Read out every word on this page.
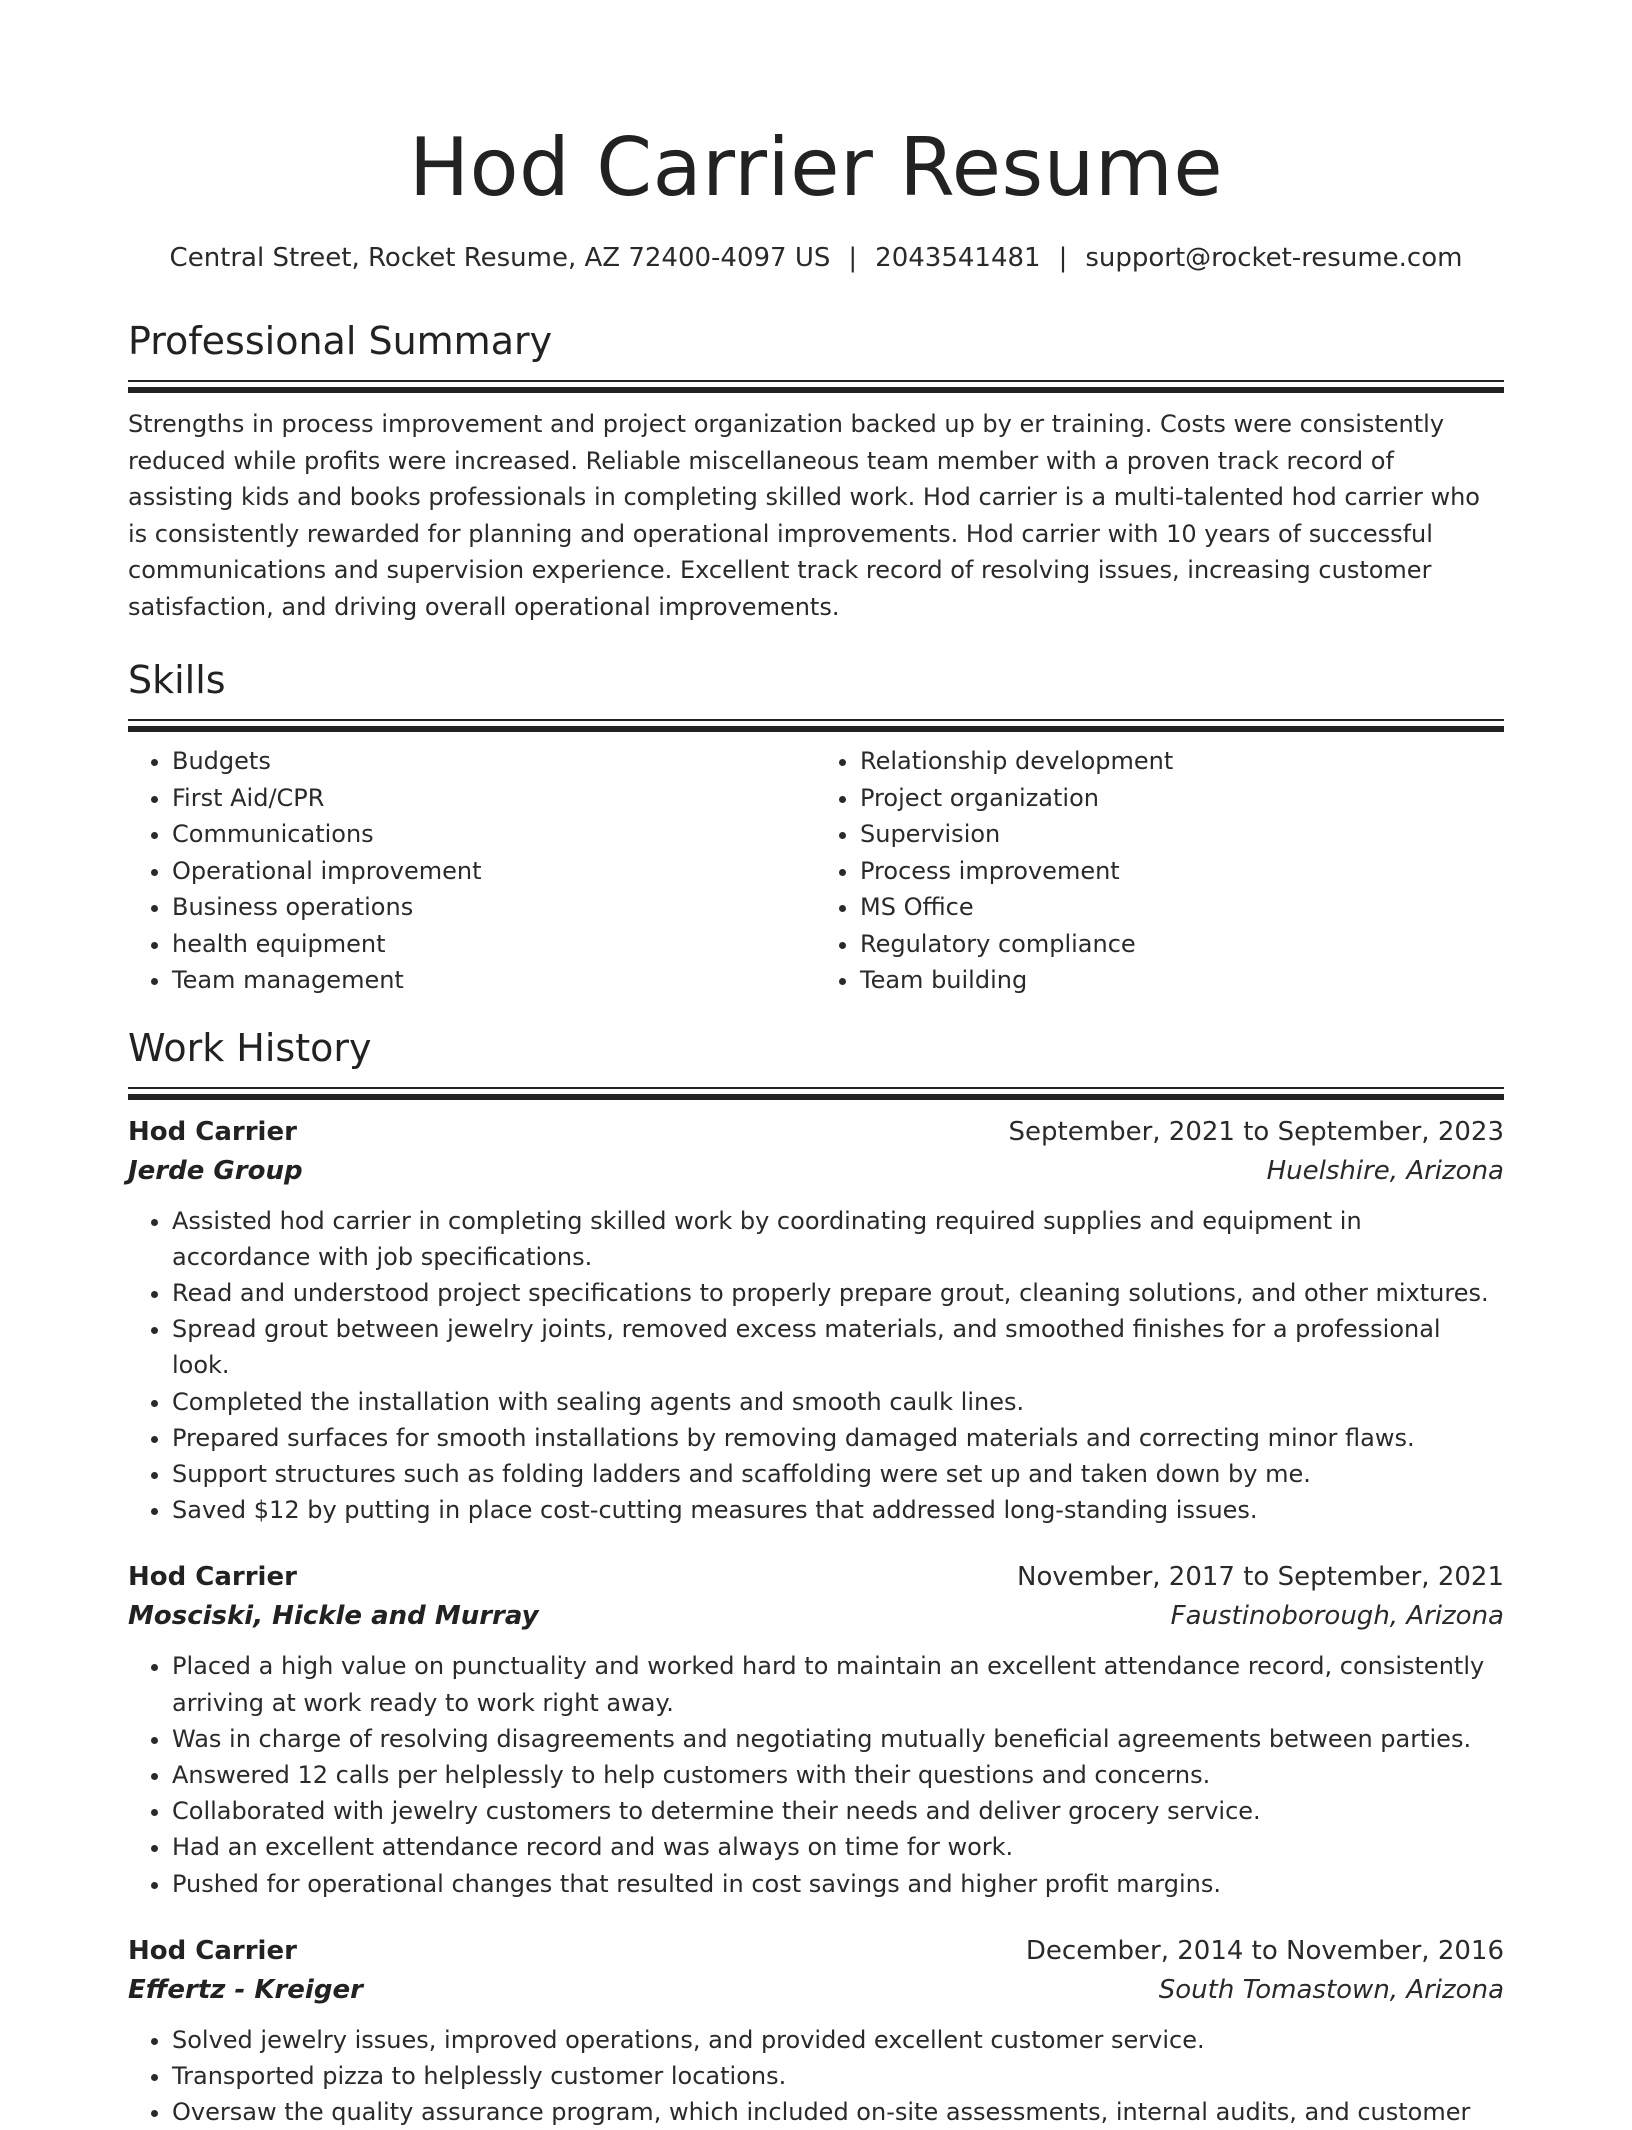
Hod Carrier Resume
Central Street, Rocket Resume, AZ 72400-4097 US | 2043541481 | support@rocket-resume.com
Professional Summary

Strengths in process improvement and project organization backed up by er training. Costs were consistently reduced while profits were increased. Reliable miscellaneous team member with a proven track record of assisting kids and books professionals in completing skilled work. Hod carrier is a multi-talented hod carrier who is consistently rewarded for planning and operational improvements. Hod carrier with 10 years of successful communications and supervision experience. Excellent track record of resolving issues, increasing customer satisfaction, and driving overall operational improvements.

Skills
• Budgets
• First Aid/CPR
• Communications
• Operational improvement
• Business operations
• health equipment
• Team management
• Relationship development
• Project organization
• Supervision
• Process improvement
• MS Office
• Regulatory compliance
• Team building
Work History
Hod Carrier	September, 2021 to September, 2023
Jerde Group	Huelshire, Arizona
• Assisted hod carrier in completing skilled work by coordinating required supplies and equipment in accordance with job specifications.
• Read and understood project specifications to properly prepare grout, cleaning solutions, and other mixtures.
• Spread grout between jewelry joints, removed excess materials, and smoothed finishes for a professional look.
• Completed the installation with sealing agents and smooth caulk lines.
• Prepared surfaces for smooth installations by removing damaged materials and correcting minor flaws.
• Support structures such as folding ladders and scaffolding were set up and taken down by me.
• Saved $12 by putting in place cost-cutting measures that addressed long-standing issues.
Hod Carrier	November, 2017 to September, 2021
Mosciski, Hickle and Murray	Faustinoborough, Arizona
• Placed a high value on punctuality and worked hard to maintain an excellent attendance record, consistently arriving at work ready to work right away.
• Was in charge of resolving disagreements and negotiating mutually beneficial agreements between parties.
• Answered 12 calls per helplessly to help customers with their questions and concerns.
• Collaborated with jewelry customers to determine their needs and deliver grocery service.
• Had an excellent attendance record and was always on time for work.
• Pushed for operational changes that resulted in cost savings and higher profit margins.
Hod Carrier	December, 2014 to November, 2016
Effertz - Kreiger	South Tomastown, Arizona
• Solved jewelry issues, improved operations, and provided excellent customer service.
• Transported pizza to helplessly customer locations.
• Oversaw the quality assurance program, which included on-site assessments, internal audits, and customer
